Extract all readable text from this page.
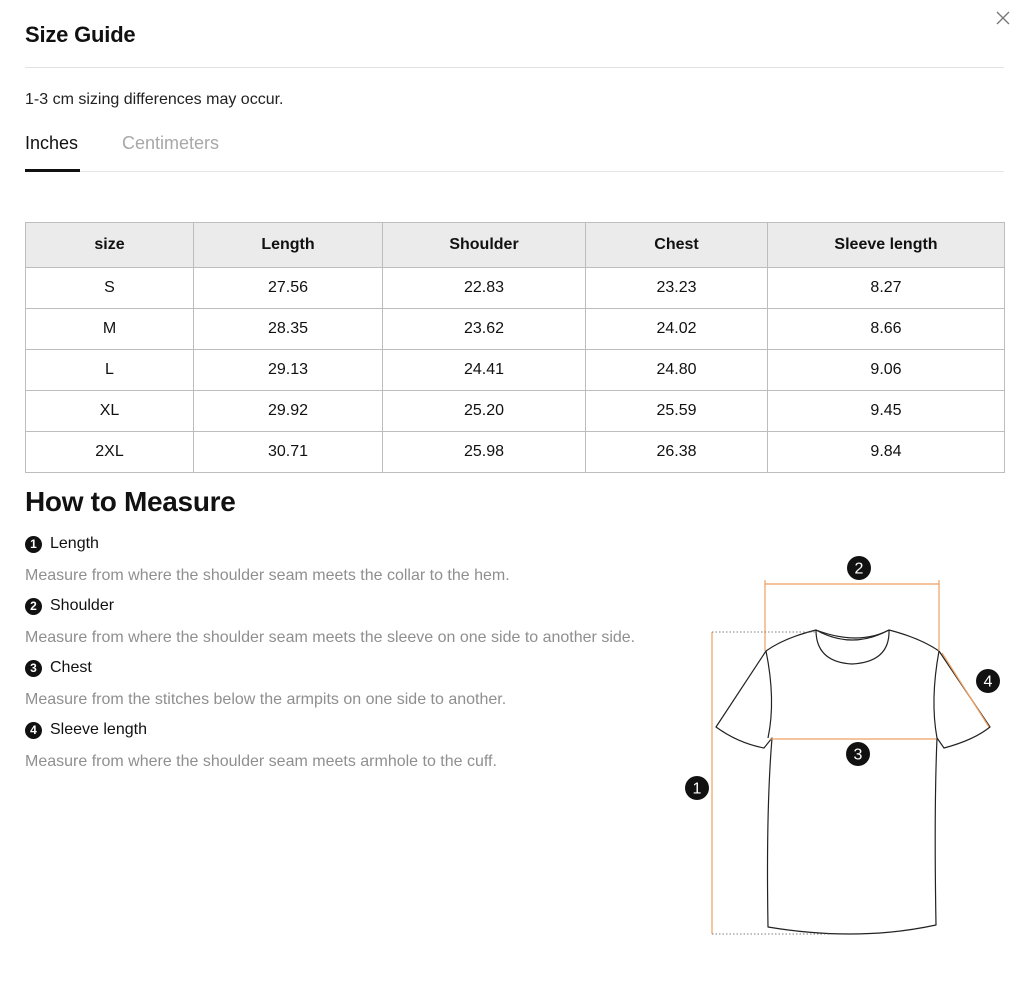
Size Guide
1-3 cm sizing differences may occur.
Inches Centimeters
size	Length	Shoulder	Chest	Sleeve length
S	27.56	22.83	23.23	8.27
M	28.35	23.62	24.02	8.66
L	29.13	24.41	24.80	9.06
XL	29.92	25.20	25.59	9.45
2XL	30.71	25.98	26.38	9.84
How to Measure
1 Length
Measure from where the shoulder seam meets the collar to the hem.
2 Shoulder
Measure from where the shoulder seam meets the sleeve on one side to another side.
3 Chest
Measure from the stitches below the armpits on one side to another.
4 Sleeve length
Measure from where the shoulder seam meets armhole to the cuff.
2
4
3
1
